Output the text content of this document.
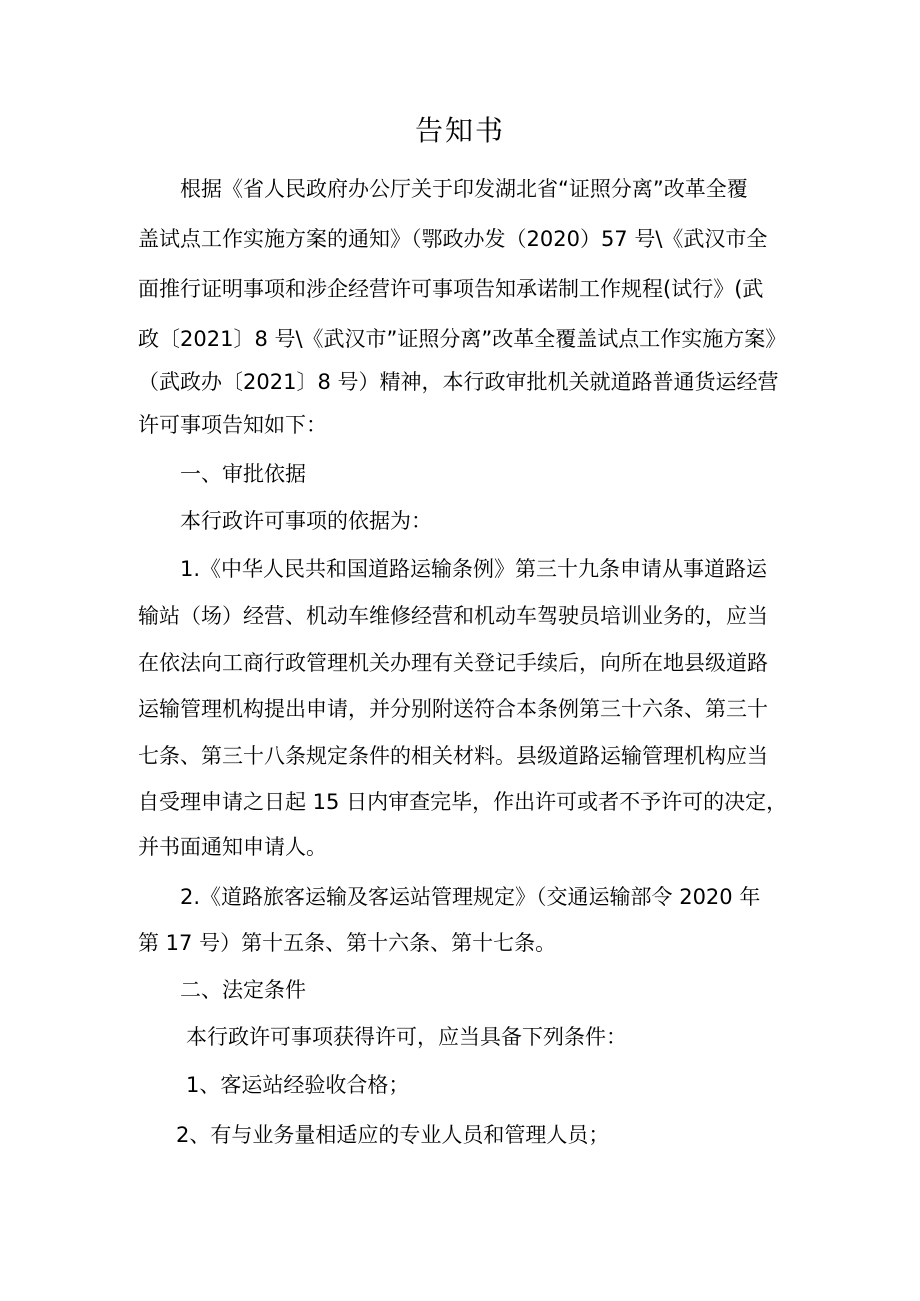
告知书

根据《省人民政府办公厅关于印发湖北省“证照分离”改革全覆

盖试点工作实施方案的通知》（鄂政办发（2020）57 号\《武汉市全

面推行证明事项和涉企经营许可事项告知承诺制工作规程(试行》(武

政〔2021〕8 号\《武汉市”证照分离”改革全覆盖试点工作实施方案》

（武政办〔2021〕8 号）精神，本行政审批机关就道路普通货运经营

许可事项告知如下：

一、审批依据

本行政许可事项的依据为：

1.《中华人民共和国道路运输条例》第三十九条申请从事道路运

输站（场）经营、机动车维修经营和机动车驾驶员培训业务的，应当

在依法向工商行政管理机关办理有关登记手续后，向所在地县级道路

运输管理机构提出申请，并分别附送符合本条例第三十六条、第三十

七条、第三十八条规定条件的相关材料。县级道路运输管理机构应当

自受理申请之日起 15 日内审查完毕，作出许可或者不予许可的决定，

并书面通知申请人。

2.《道路旅客运输及客运站管理规定》（交通运输部令 2020 年

第 17 号）第十五条、第十六条、第十七条。

二、法定条件

本行政许可事项获得许可，应当具备下列条件：

1、客运站经验收合格；

2、有与业务量相适应的专业人员和管理人员；
